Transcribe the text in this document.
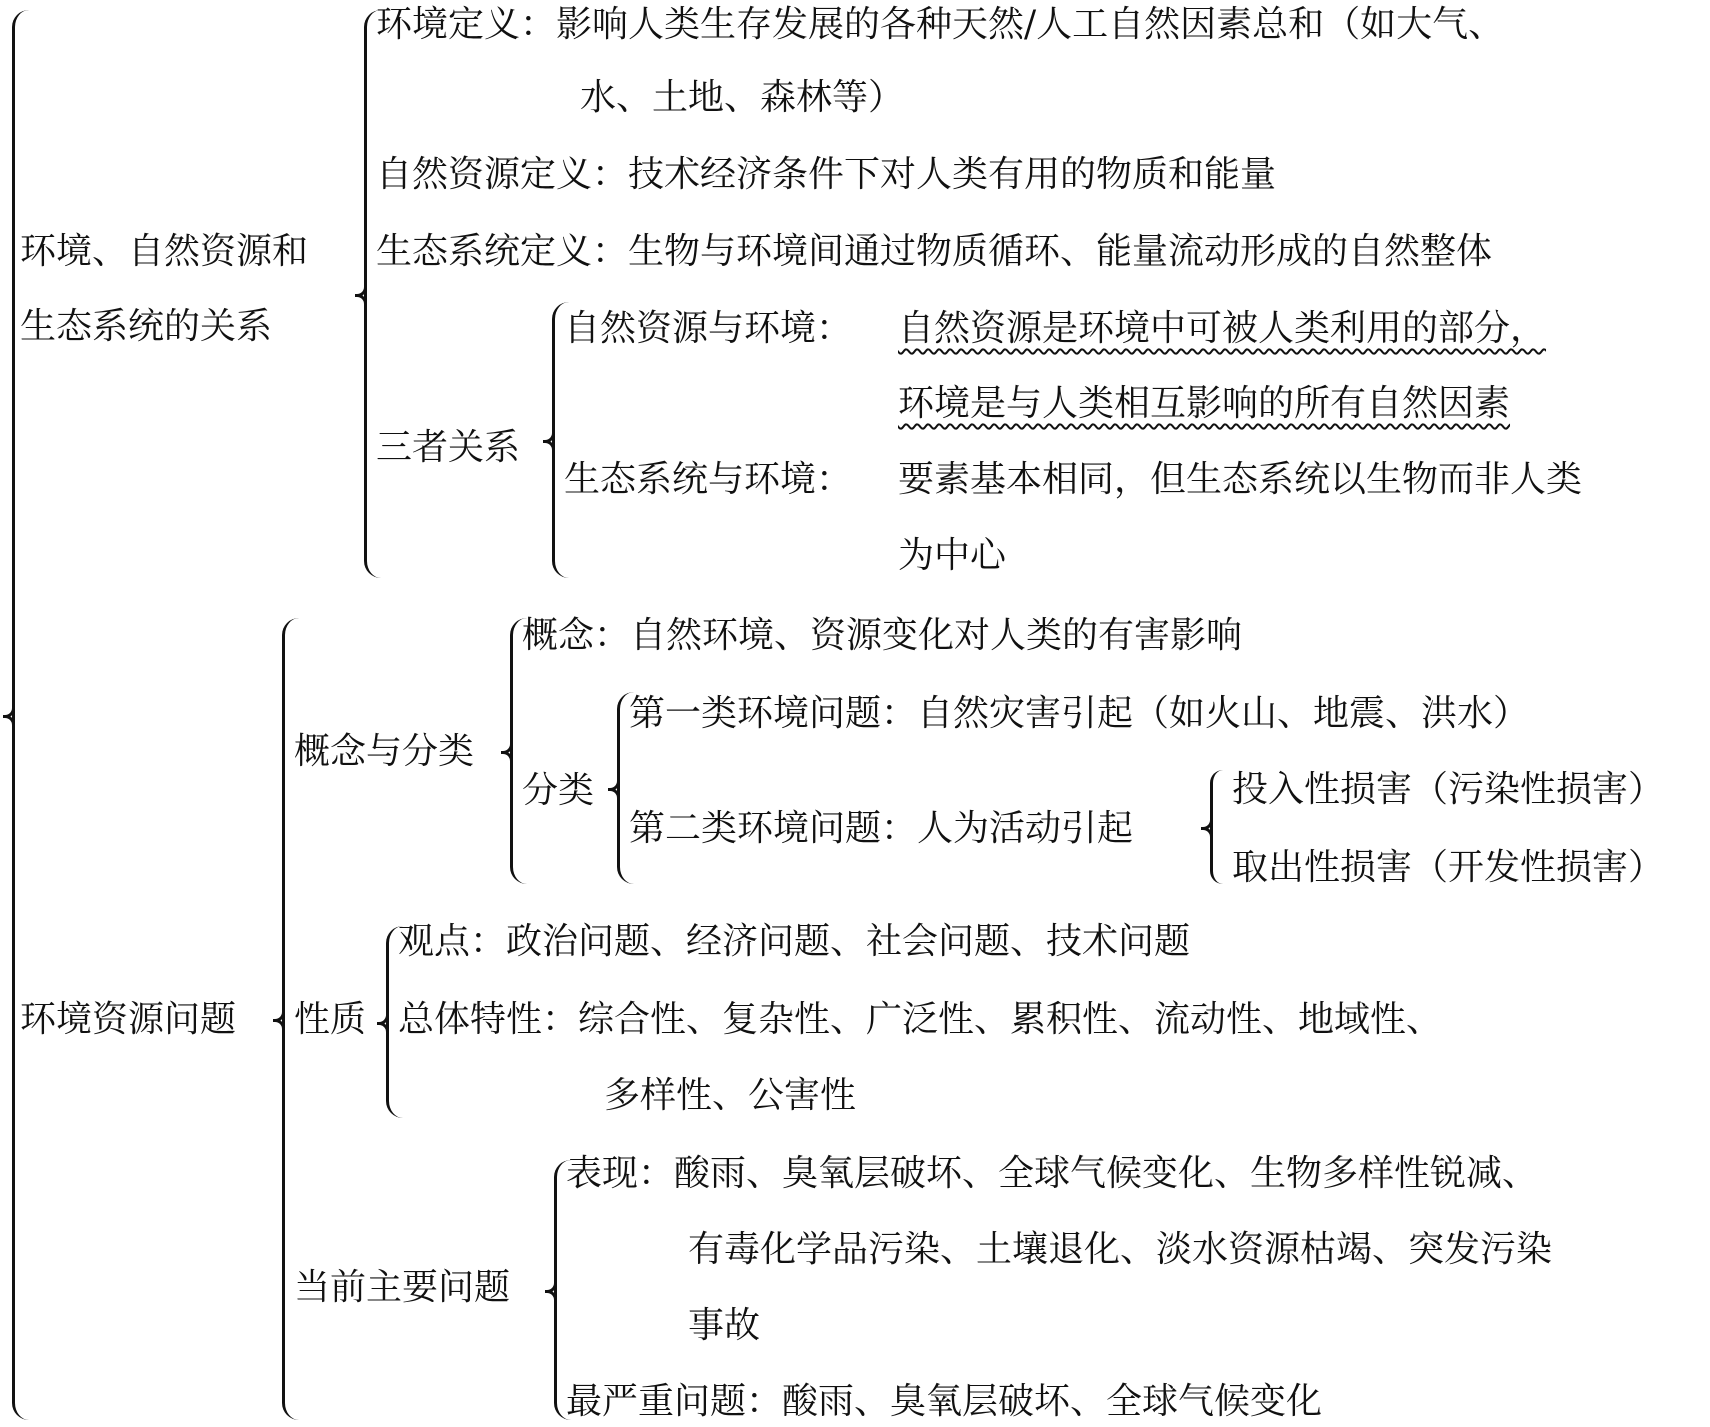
环境、自然资源和

生态系统的关系

环境资源问题

环境定义：影响人类生存发展的各种天然/人工自然因素总和（如大气、

水、土地、森林等）

自然资源定义：技术经济条件下对人类有用的物质和能量

生态系统定义：生物与环境间通过物质循环、能量流动形成的自然整体

三者关系

自然资源与环境： 自然资源是环境中可被人类利用的部分，

环境是与人类相互影响的所有自然因素

生态系统与环境： 要素基本相同，但生态系统以生物而非人类

为中心

概念与分类

概念：自然环境、资源变化对人类的有害影响

分类

第一类环境问题：自然灾害引起（如火山、地震、洪水）

第二类环境问题：人为活动引起

投入性损害（污染性损害）

取出性损害（开发性损害）

性质

观点：政治问题、经济问题、社会问题、技术问题

总体特性：综合性、复杂性、广泛性、累积性、流动性、地域性、

多样性、公害性

当前主要问题

表现：酸雨、臭氧层破坏、全球气候变化、生物多样性锐减、

有毒化学品污染、土壤退化、淡水资源枯竭、突发污染

事故

最严重问题：酸雨、臭氧层破坏、全球气候变化
